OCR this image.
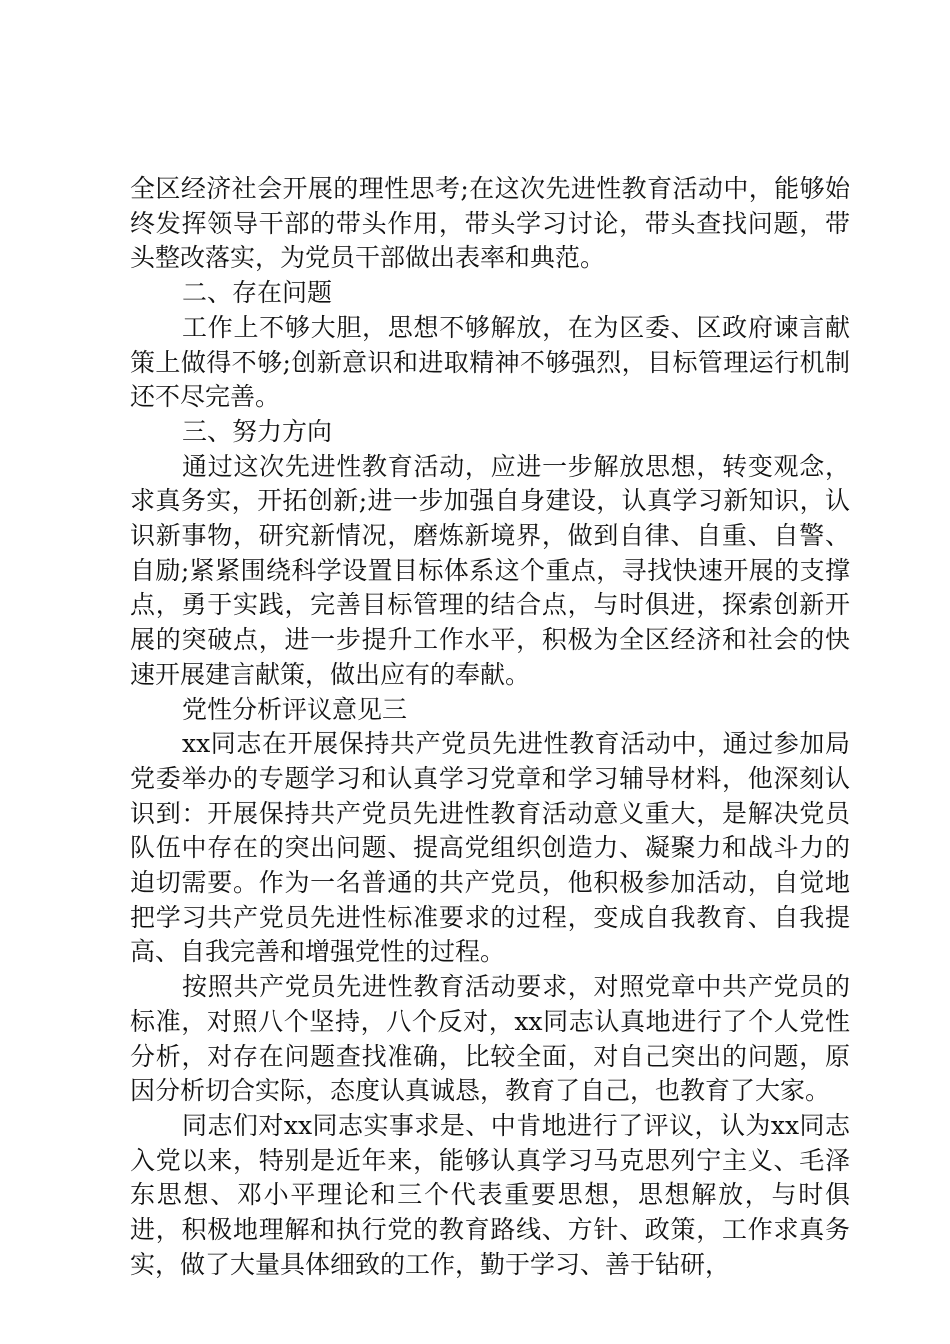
全区经济社会开展的理性思考;在这次先进性教育活动中，能够始终发挥领导干部的带头作用，带头学习讨论，带头查找问题，带头整改落实，为党员干部做出表率和典范。

二、存在问题

工作上不够大胆，思想不够解放，在为区委、区政府谏言献策上做得不够;创新意识和进取精神不够强烈，目标管理运行机制还不尽完善。

三、努力方向

通过这次先进性教育活动，应进一步解放思想，转变观念，求真务实，开拓创新;进一步加强自身建设，认真学习新知识，认识新事物，研究新情况，磨炼新境界，做到自律、自重、自警、自励;紧紧围绕科学设置目标体系这个重点，寻找快速开展的支撑点，勇于实践，完善目标管理的结合点，与时俱进，探索创新开展的突破点，进一步提升工作水平，积极为全区经济和社会的快速开展建言献策，做出应有的奉献。

党性分析评议意见三

xx同志在开展保持共产党员先进性教育活动中，通过参加局党委举办的专题学习和认真学习党章和学习辅导材料，他深刻认识到：开展保持共产党员先进性教育活动意义重大，是解决党员队伍中存在的突出问题、提高党组织创造力、凝聚力和战斗力的迫切需要。作为一名普通的共产党员，他积极参加活动，自觉地把学习共产党员先进性标准要求的过程，变成自我教育、自我提高、自我完善和增强党性的过程。

按照共产党员先进性教育活动要求，对照党章中共产党员的标准，对照八个坚持，八个反对，xx同志认真地进行了个人党性分析，对存在问题查找准确，比较全面，对自己突出的问题，原因分析切合实际，态度认真诚恳，教育了自己，也教育了大家。

同志们对xx同志实事求是、中肯地进行了评议，认为xx同志入党以来，特别是近年来，能够认真学习马克思列宁主义、毛泽东思想、邓小平理论和三个代表重要思想，思想解放，与时俱进，积极地理解和执行党的教育路线、方针、政策，工作求真务实，做了大量具体细致的工作，勤于学习、善于钻研，
